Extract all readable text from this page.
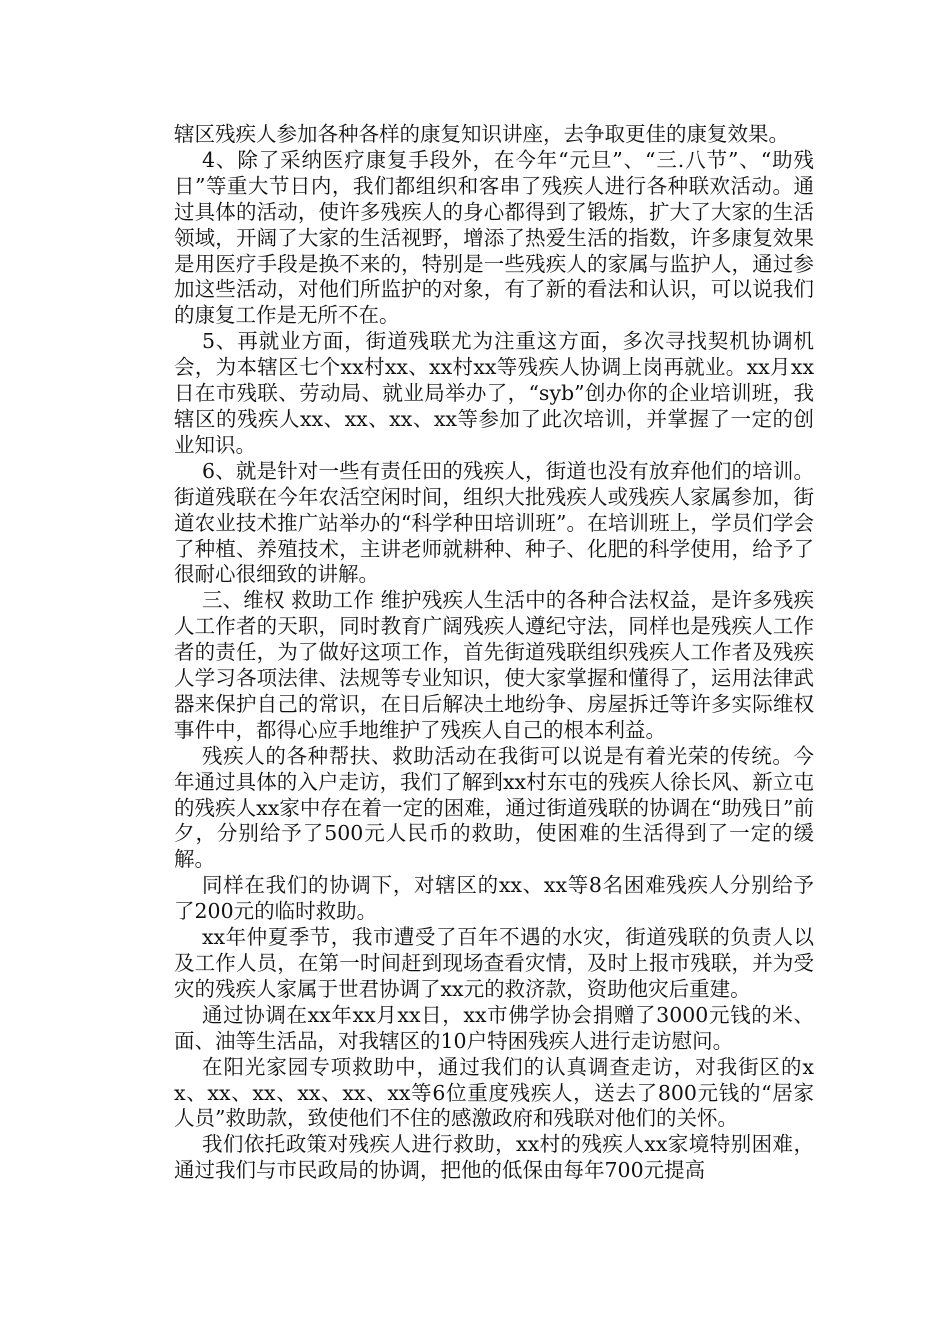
辖区残疾人参加各种各样的康复知识讲座，去争取更佳的康复效果。

4、除了采纳医疗康复手段外，在今年“元旦”、“三.八节”、“助残日”等重大节日内，我们都组织和客串了残疾人进行各种联欢活动。通过具体的活动，使许多残疾人的身心都得到了锻炼，扩大了大家的生活领域，开阔了大家的生活视野，增添了热爱生活的指数，许多康复效果是用医疗手段是换不来的，特别是一些残疾人的家属与监护人，通过参加这些活动，对他们所监护的对象，有了新的看法和认识，可以说我们的康复工作是无所不在。

5、再就业方面，街道残联尤为注重这方面，多次寻找契机协调机会，为本辖区七个xx村xx、xx村xx等残疾人协调上岗再就业。xx月xx日在市残联、劳动局、就业局举办了，“syb”创办你的企业培训班，我辖区的残疾人xx、xx、xx、xx等参加了此次培训，并掌握了一定的创业知识。

6、就是针对一些有责任田的残疾人，街道也没有放弃他们的培训。街道残联在今年农活空闲时间，组织大批残疾人或残疾人家属参加，街道农业技术推广站举办的“科学种田培训班”。在培训班上，学员们学会了种植、养殖技术，主讲老师就耕种、种子、化肥的科学使用，给予了很耐心很细致的讲解。

三、维权 救助工作 维护残疾人生活中的各种合法权益，是许多残疾人工作者的天职，同时教育广阔残疾人遵纪守法，同样也是残疾人工作者的责任，为了做好这项工作，首先街道残联组织残疾人工作者及残疾人学习各项法律、法规等专业知识，使大家掌握和懂得了，运用法律武器来保护自己的常识，在日后解决土地纷争、房屋拆迁等许多实际维权事件中，都得心应手地维护了残疾人自己的根本利益。

残疾人的各种帮扶、救助活动在我街可以说是有着光荣的传统。今年通过具体的入户走访，我们了解到xx村东屯的残疾人徐长风、新立屯的残疾人xx家中存在着一定的困难，通过街道残联的协调在“助残日”前夕，分别给予了500元人民币的救助，使困难的生活得到了一定的缓解。

同样在我们的协调下，对辖区的xx、xx等8名困难残疾人分别给予了200元的临时救助。

xx年仲夏季节，我市遭受了百年不遇的水灾，街道残联的负责人以及工作人员，在第一时间赶到现场查看灾情，及时上报市残联，并为受灾的残疾人家属于世君协调了xx元的救济款，资助他灾后重建。

通过协调在xx年xx月xx日，xx市佛学协会捐赠了3000元钱的米、面、油等生活品，对我辖区的10户特困残疾人进行走访慰问。

在阳光家园专项救助中，通过我们的认真调查走访，对我街区的xx、xx、xx、xx、xx、xx等6位重度残疾人，送去了800元钱的“居家人员”救助款，致使他们不住的感激政府和残联对他们的关怀。

我们依托政策对残疾人进行救助，xx村的残疾人xx家境特别困难，通过我们与市民政局的协调，把他的低保由每年700元提高
